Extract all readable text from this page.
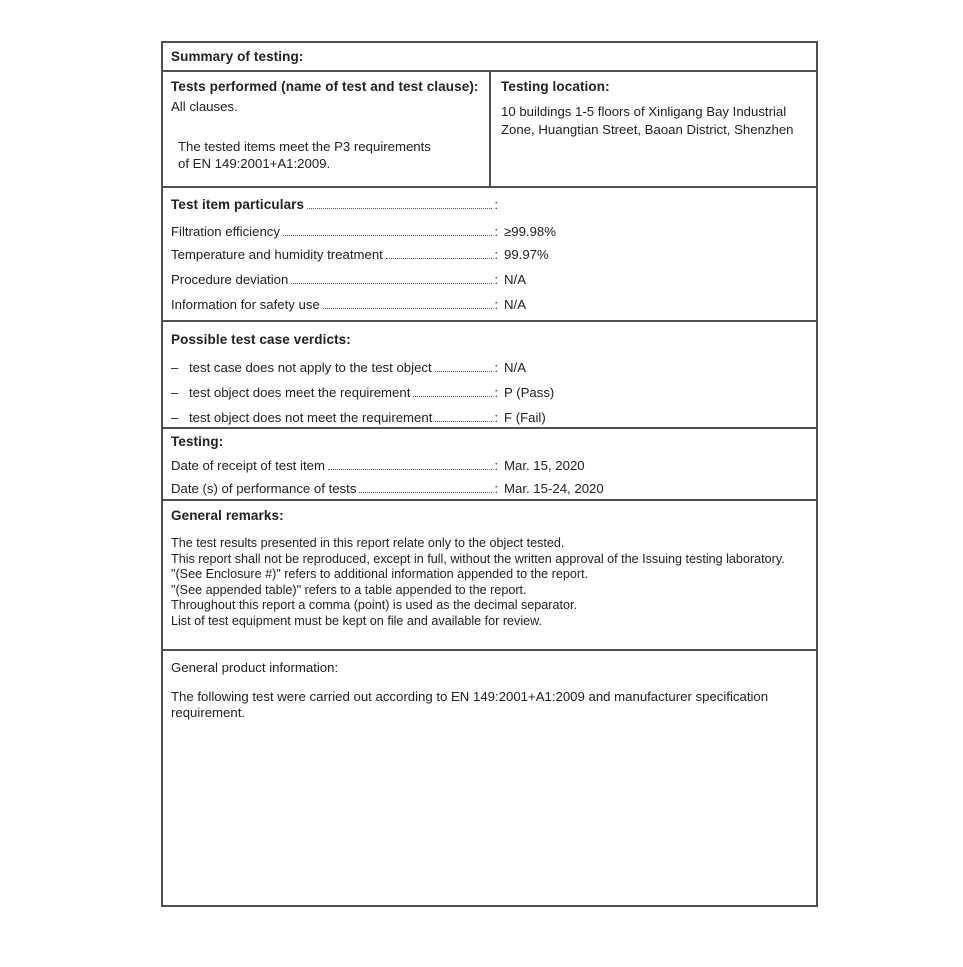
Summary of testing:
Tests performed (name of test and test clause):
All clauses.
The tested items meet the P3 requirements
of EN 149:2001+A1:2009.
Testing location:
10 buildings 1-5 floors of Xinligang Bay Industrial
Zone, Huangtian Street, Baoan District, Shenzhen
Test item particulars	:
Filtration efficiency	: ≥99.98%
Temperature and humidity treatment	: 99.97%
Procedure deviation	: N/A
Information for safety use	: N/A
Possible test case verdicts:
– test case does not apply to the test object	: N/A
– test object does meet the requirement	: P (Pass)
– test object does not meet the requirement	: F (Fail)
Testing:
Date of receipt of test item	: Mar. 15, 2020
Date (s) of performance of tests	: Mar. 15-24, 2020
General remarks:
The test results presented in this report relate only to the object tested.
This report shall not be reproduced, except in full, without the written approval of the Issuing testing laboratory.
"(See Enclosure #)" refers to additional information appended to the report.
"(See appended table)" refers to a table appended to the report.
Throughout this report a comma (point) is used as the decimal separator.
List of test equipment must be kept on file and available for review.
General product information:
The following test were carried out according to EN 149:2001+A1:2009 and manufacturer specification requirement.
